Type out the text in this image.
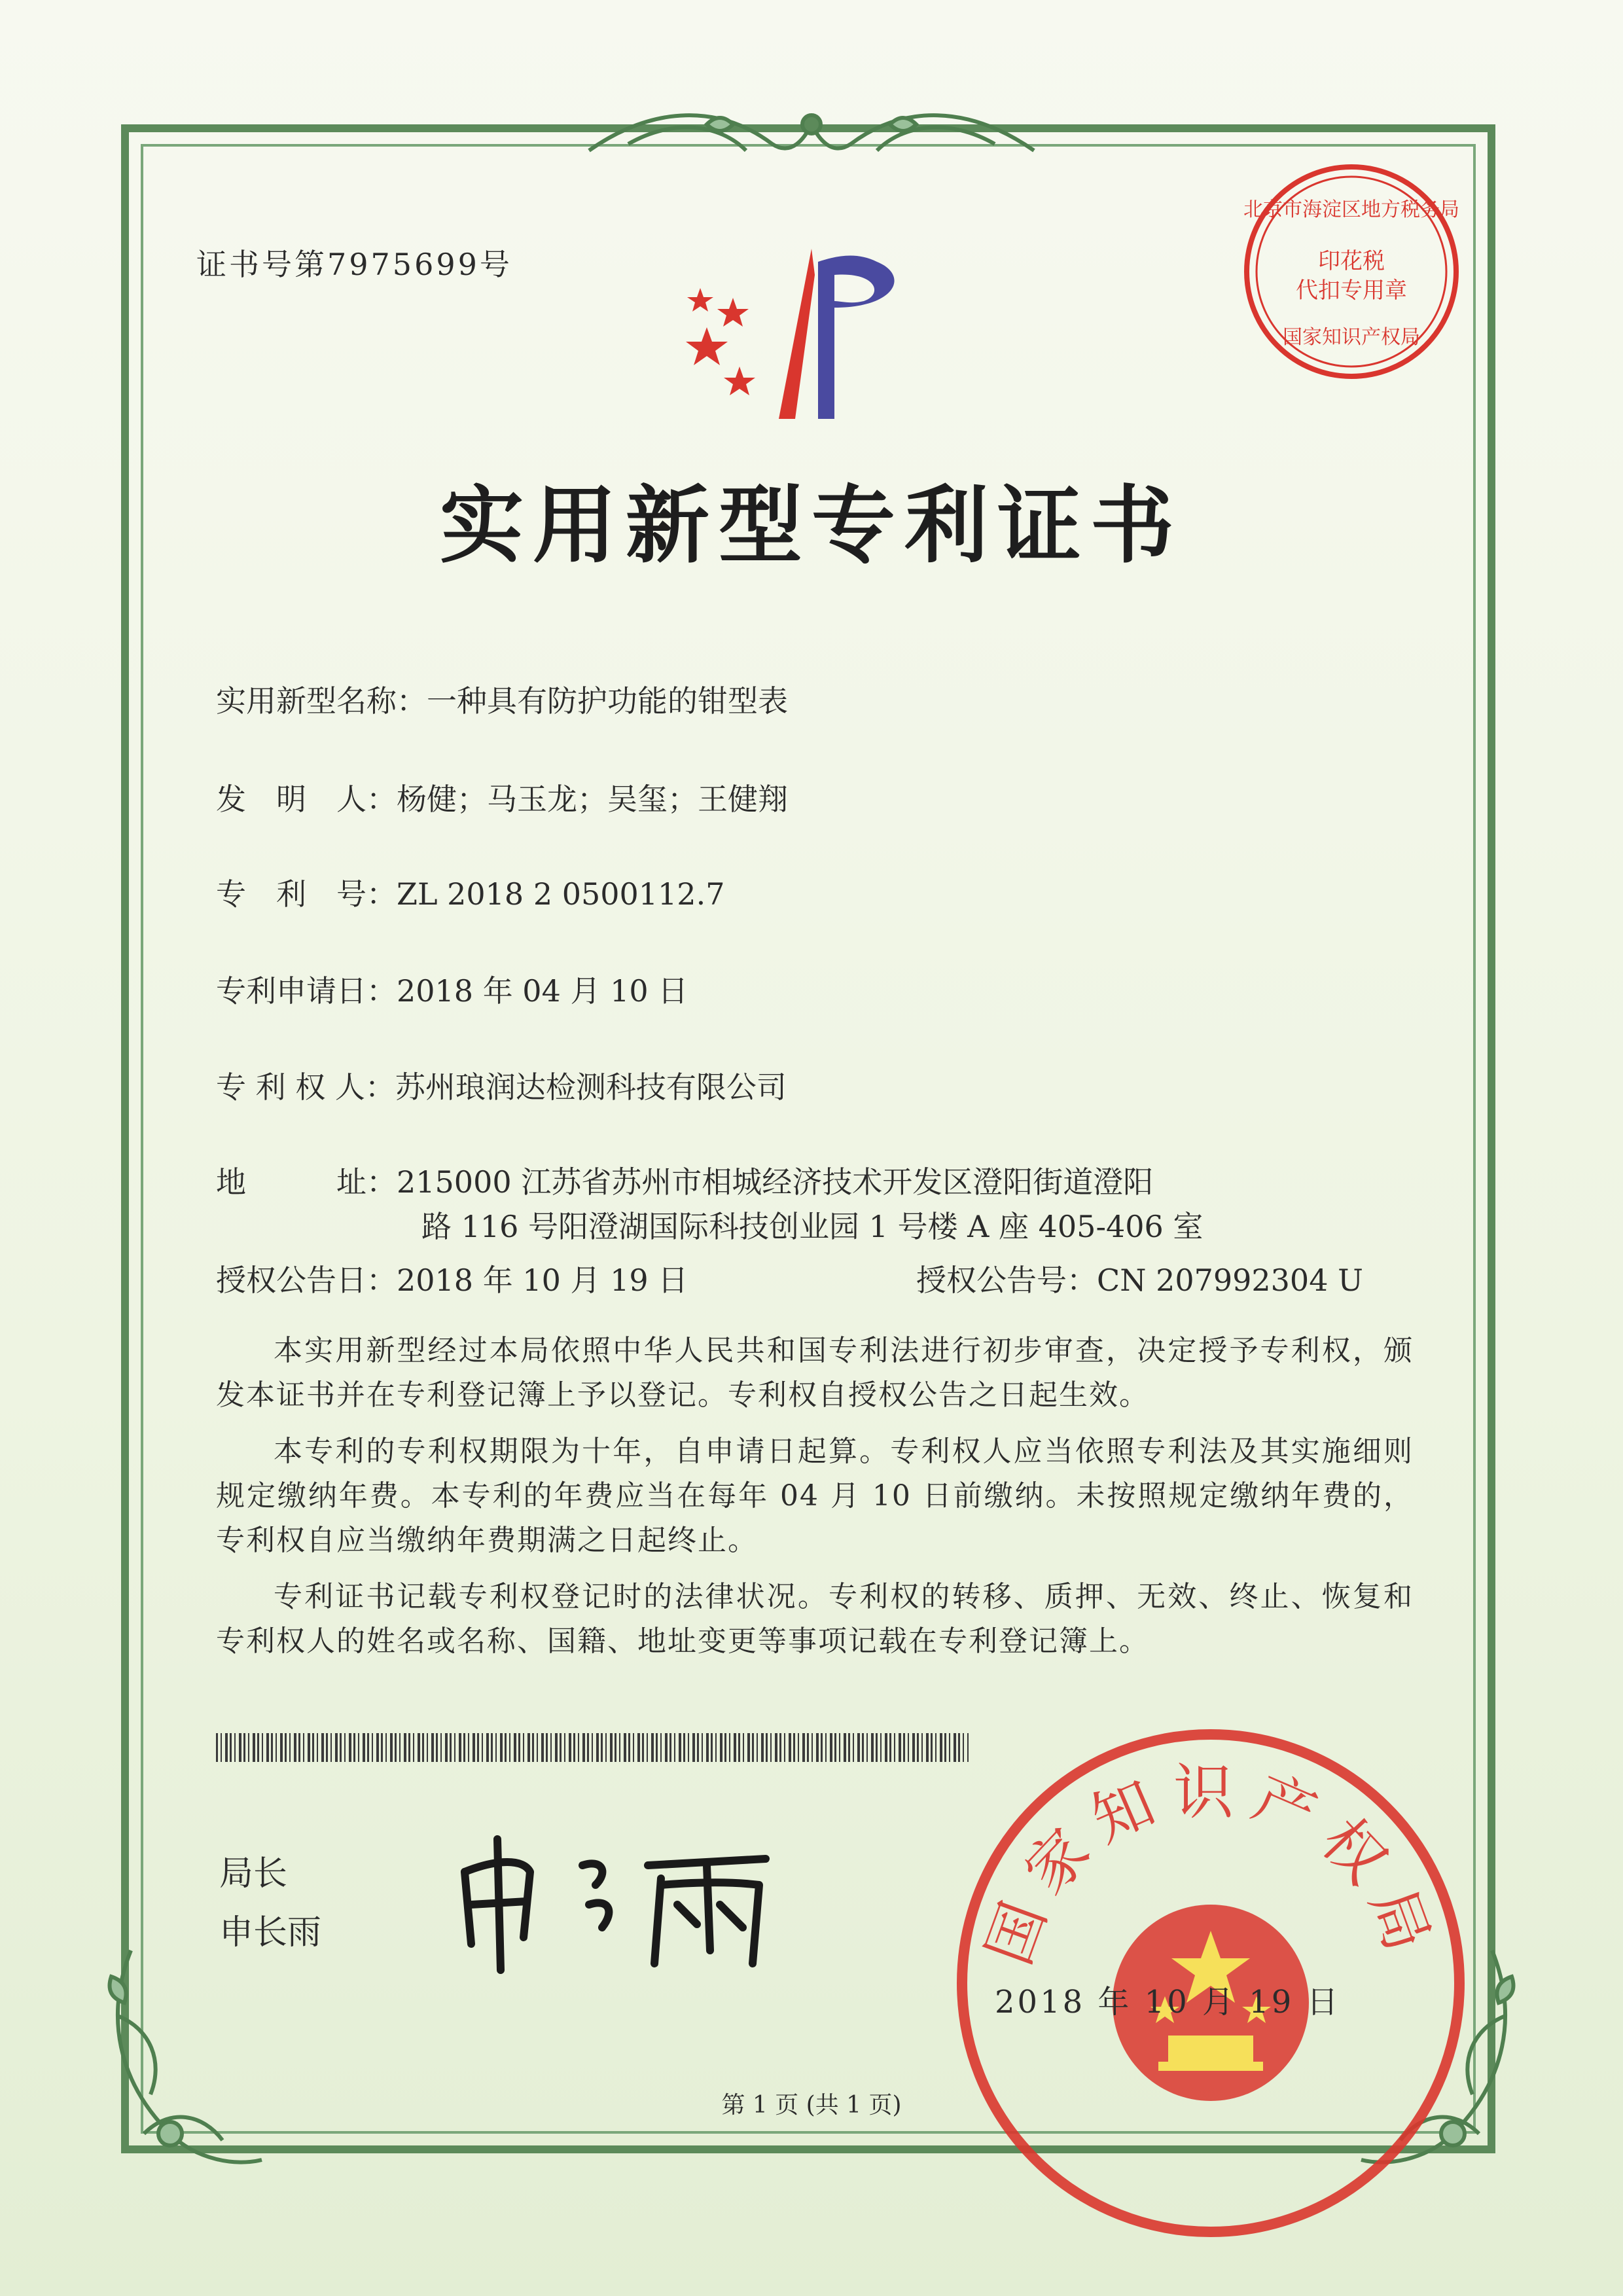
证书号第7975699号
北京市海淀区地方税务局
印花税
代扣专用章
国家知识产权局
实用新型专利证书
实用新型名称：一种具有防护功能的钳型表
发　明　人：杨健；马玉龙；吴玺；王健翔
专　利　号：ZL 2018 2 0500112.7
专利申请日：2018 年 04 月 10 日
专 利 权 人：苏州琅润达检测科技有限公司
地　　　址：215000 江苏省苏州市相城经济技术开发区澄阳街道澄阳
路 116 号阳澄湖国际科技创业园 1 号楼 A 座 405-406 室
授权公告日：2018 年 10 月 19 日	授权公告号：CN 207992304 U

本实用新型经过本局依照中华人民共和国专利法进行初步审查，决定授予专利权，颁发本证书并在专利登记簿上予以登记。专利权自授权公告之日起生效。

本专利的专利权期限为十年，自申请日起算。专利权人应当依照专利法及其实施细则规定缴纳年费。本专利的年费应当在每年 04 月 10 日前缴纳。未按照规定缴纳年费的，专利权自应当缴纳年费期满之日起终止。

专利证书记载专利权登记时的法律状况。专利权的转移、质押、无效、终止、恢复和专利权人的姓名或名称、国籍、地址变更等事项记载在专利登记簿上。

局长
申长雨	国家知识产权局
2018 年 10 月 19 日
第 1 页 (共 1 页)
